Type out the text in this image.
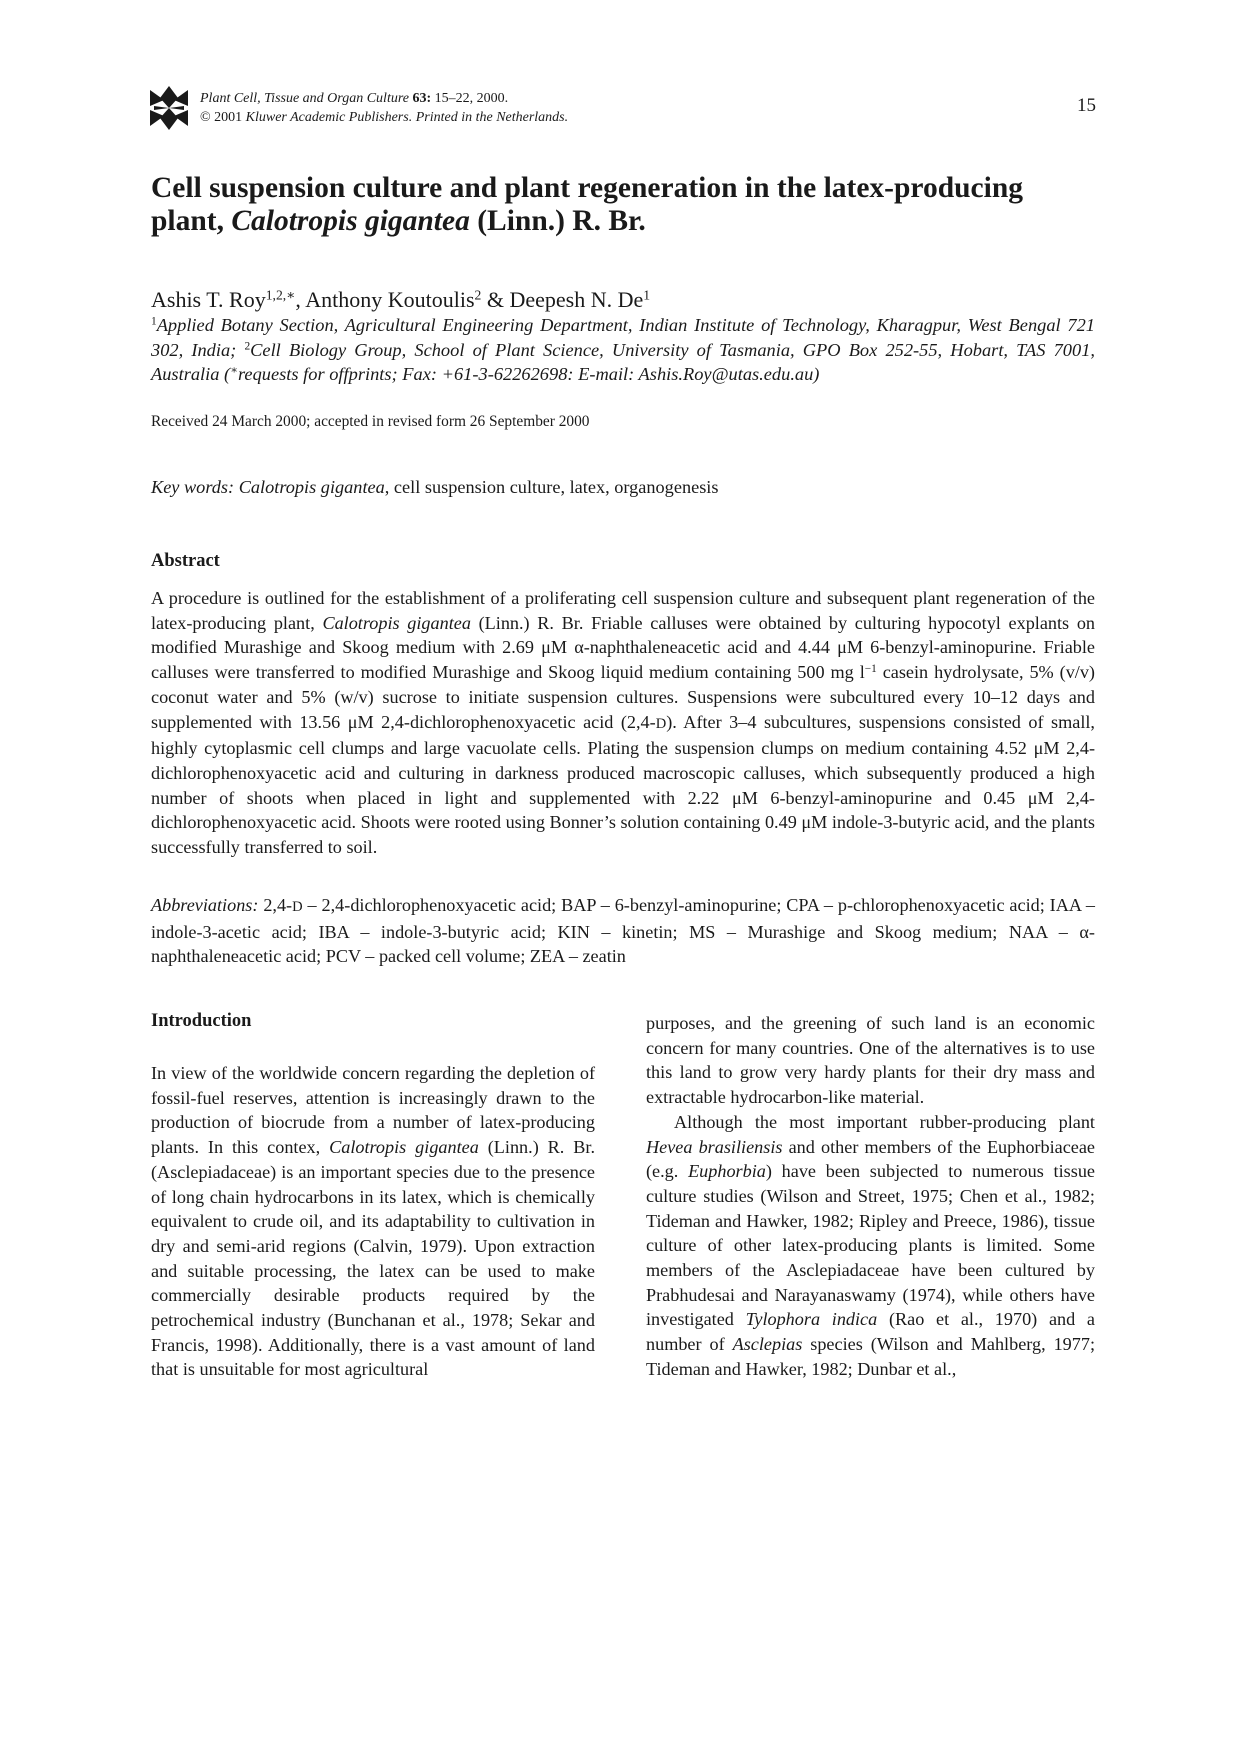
Plant Cell, Tissue and Organ Culture 63: 15–22, 2000.
© 2001 Kluwer Academic Publishers. Printed in the Netherlands.
15
Cell suspension culture and plant regeneration in the latex-producing
plant, Calotropis gigantea (Linn.) R. Br.
Ashis T. Roy$^{1,2,∗}$, Anthony Koutoulis$^2$ & Deepesh N. De$^1$
$^1$Applied Botany Section, Agricultural Engineering Department, Indian Institute of Technology, Kharagpur, West Bengal 721 302, India; $^2$Cell Biology Group, School of Plant Science, University of Tasmania, GPO Box 252-55, Hobart, TAS 7001, Australia (∗requests for offprints; Fax: +61-3-62262698: E-mail: Ashis.Roy@utas.edu.au)
Received 24 March 2000; accepted in revised form 26 September 2000
Key words: Calotropis gigantea, cell suspension culture, latex, organogenesis
Abstract
A procedure is outlined for the establishment of a proliferating cell suspension culture and subsequent plant regeneration of the latex-producing plant, Calotropis gigantea (Linn.) R. Br. Friable calluses were obtained by culturing hypocotyl explants on modified Murashige and Skoog medium with 2.69 μM α-naphthaleneacetic acid and 4.44 μM 6-benzyl-aminopurine. Friable calluses were transferred to modified Murashige and Skoog liquid medium containing 500 mg $l^{-1}$ casein hydrolysate, 5% (v/v) coconut water and 5% (w/v) sucrose to initiate suspension cultures. Suspensions were subcultured every 10–12 days and supplemented with 13.56 μM 2,4-dichlorophenoxyacetic acid (2,4-D). After 3–4 subcultures, suspensions consisted of small, highly cytoplasmic cell clumps and large vacuolate cells. Plating the suspension clumps on medium containing 4.52 μM 2,4-dichlorophenoxyacetic acid and culturing in darkness produced macroscopic calluses, which subsequently produced a high number of shoots when placed in light and supplemented with 2.22 μM 6-benzyl-aminopurine and 0.45 μM 2,4-dichlorophenoxyacetic acid. Shoots were rooted using Bonner’s solution containing 0.49 μM indole-3-butyric acid, and the plants successfully transferred to soil.
Abbreviations: 2,4-D – 2,4-dichlorophenoxyacetic acid; BAP – 6-benzyl-aminopurine; CPA – p-chlorophenoxyacetic acid; IAA – indole-3-acetic acid; IBA – indole-3-butyric acid; KIN – kinetin; MS – Murashige and Skoog medium; NAA – α-naphthaleneacetic acid; PCV – packed cell volume; ZEA – zeatin
Introduction

In view of the worldwide concern regarding the depletion of fossil-fuel reserves, attention is increasingly drawn to the production of biocrude from a number of latex-producing plants. In this contex, Calotropis gigantea (Linn.) R. Br. (Asclepiadaceae) is an important species due to the presence of long chain hydrocarbons in its latex, which is chemically equivalent to crude oil, and its adaptability to cultivation in dry and semi-arid regions (Calvin, 1979). Upon extraction and suitable processing, the latex can be used to make commercially desirable products required by the petrochemical industry (Bunchanan et al., 1978; Sekar and Francis, 1998). Additionally, there is a vast amount of land that is unsuitable for most agricultural

purposes, and the greening of such land is an economic concern for many countries. One of the alternatives is to use this land to grow very hardy plants for their dry mass and extractable hydrocarbon-like material.

Although the most important rubber-producing plant Hevea brasiliensis and other members of the Euphorbiaceae (e.g. Euphorbia) have been subjected to numerous tissue culture studies (Wilson and Street, 1975; Chen et al., 1982; Tideman and Hawker, 1982; Ripley and Preece, 1986), tissue culture of other latex-producing plants is limited. Some members of the Asclepiadaceae have been cultured by Prabhudesai and Narayanaswamy (1974), while others have investigated Tylophora indica (Rao et al., 1970) and a number of Asclepias species (Wilson and Mahlberg, 1977; Tideman and Hawker, 1982; Dunbar et al.,
